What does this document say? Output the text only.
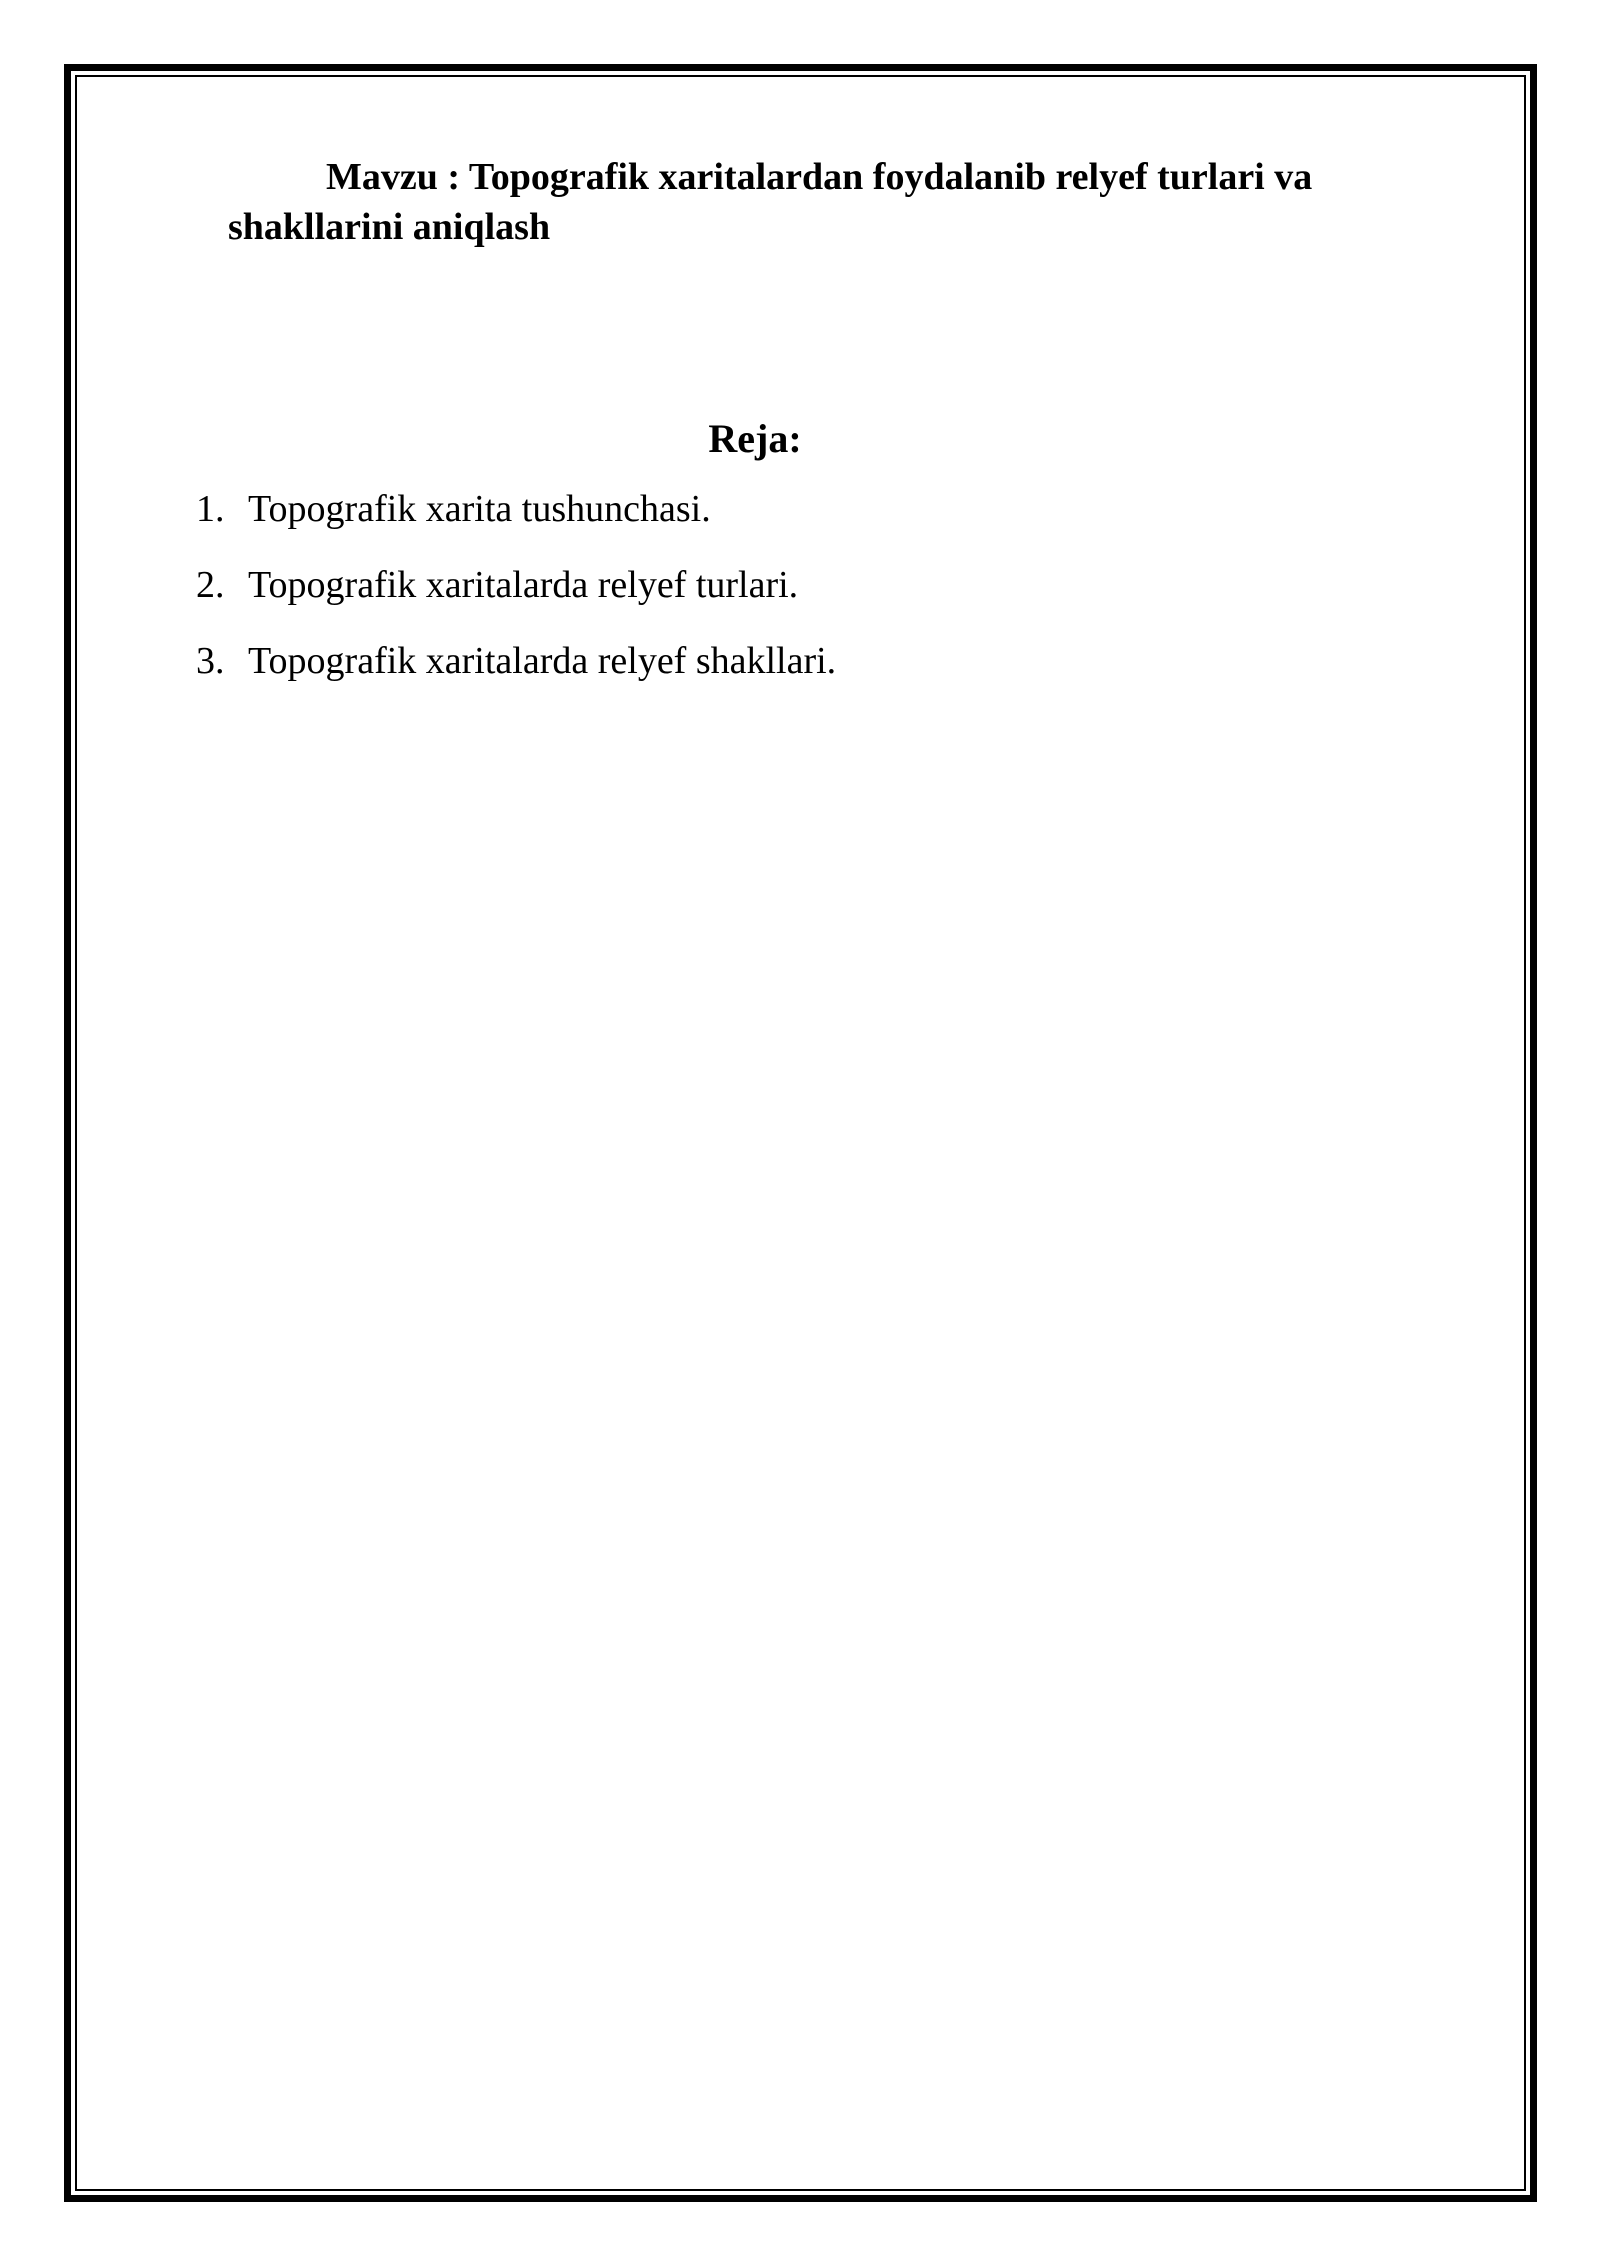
Mavzu : Topografik xaritalardan foydalanib relyef turlari va shakllarini aniqlash

Reja:

1. Topografik xarita tushunchasi.
2. Topografik xaritalarda relyef turlari.
3. Topografik xaritalarda relyef shakllari.
